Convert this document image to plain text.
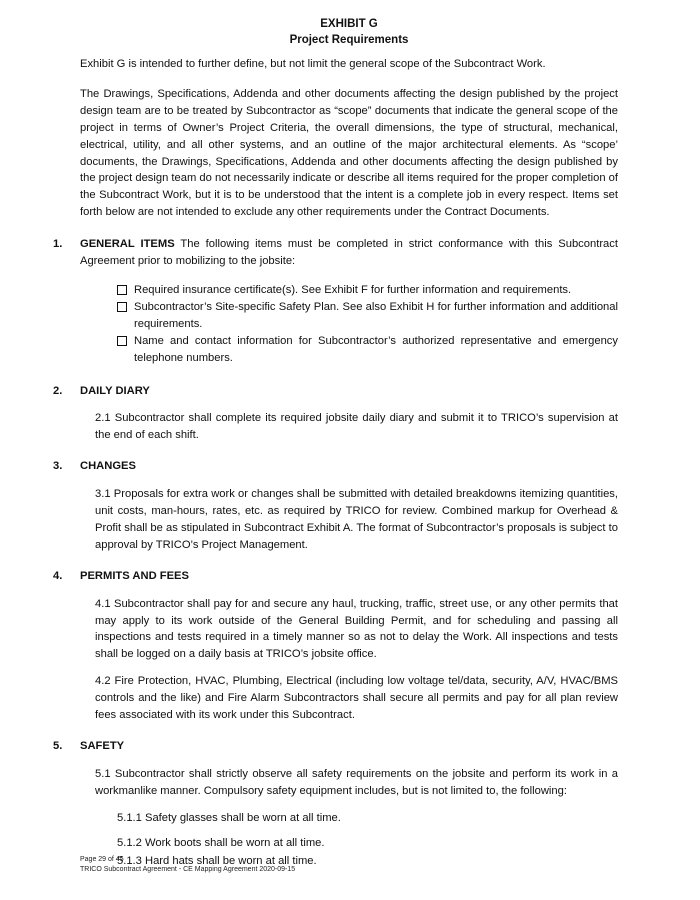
EXHIBIT G
Project Requirements

Exhibit G is intended to further define, but not limit the general scope of the Subcontract Work.

The Drawings, Specifications, Addenda and other documents affecting the design published by the project design team are to be treated by Subcontractor as “scope” documents that indicate the general scope of the project in terms of Owner’s Project Criteria, the overall dimensions, the type of structural, mechanical, electrical, utility, and all other systems, and an outline of the major architectural elements. As “scope’ documents, the Drawings, Specifications, Addenda and other documents affecting the design published by the project design team do not necessarily indicate or describe all items required for the proper completion of the Subcontract Work, but it is to be understood that the intent is a complete job in every respect. Items set forth below are not intended to exclude any other requirements under the Contract Documents.

1. GENERAL ITEMS The following items must be completed in strict conformance with this Subcontract Agreement prior to mobilizing to the jobsite:
Required insurance certificate(s). See Exhibit F for further information and requirements.
Subcontractor’s Site-specific Safety Plan. See also Exhibit H for further information and additional requirements.
Name and contact information for Subcontractor’s authorized representative and emergency telephone numbers.
2. DAILY DIARY

2.1 Subcontractor shall complete its required jobsite daily diary and submit it to TRICO’s supervision at the end of each shift.

3. CHANGES

3.1 Proposals for extra work or changes shall be submitted with detailed breakdowns itemizing quantities, unit costs, man-hours, rates, etc. as required by TRICO for review. Combined markup for Overhead & Profit shall be as stipulated in Subcontract Exhibit A. The format of Subcontractor’s proposals is subject to approval by TRICO’s Project Management.

4. PERMITS AND FEES

4.1 Subcontractor shall pay for and secure any haul, trucking, traffic, street use, or any other permits that may apply to its work outside of the General Building Permit, and for scheduling and passing all inspections and tests required in a timely manner so as not to delay the Work. All inspections and tests shall be logged on a daily basis at TRICO’s jobsite office.

4.2 Fire Protection, HVAC, Plumbing, Electrical (including low voltage tel/data, security, A/V, HVAC/BMS controls and the like) and Fire Alarm Subcontractors shall secure all permits and pay for all plan review fees associated with its work under this Subcontract.

5. SAFETY

5.1 Subcontractor shall strictly observe all safety requirements on the jobsite and perform its work in a workmanlike manner. Compulsory safety equipment includes, but is not limited to, the following:

5.1.1 Safety glasses shall be worn at all time.
5.1.2 Work boots shall be worn at all time.
5.1.3 Hard hats shall be worn at all time.
Page 29 of 45
TRICO Subcontract Agreement - CE Mapping Agreement 2020-09-15
